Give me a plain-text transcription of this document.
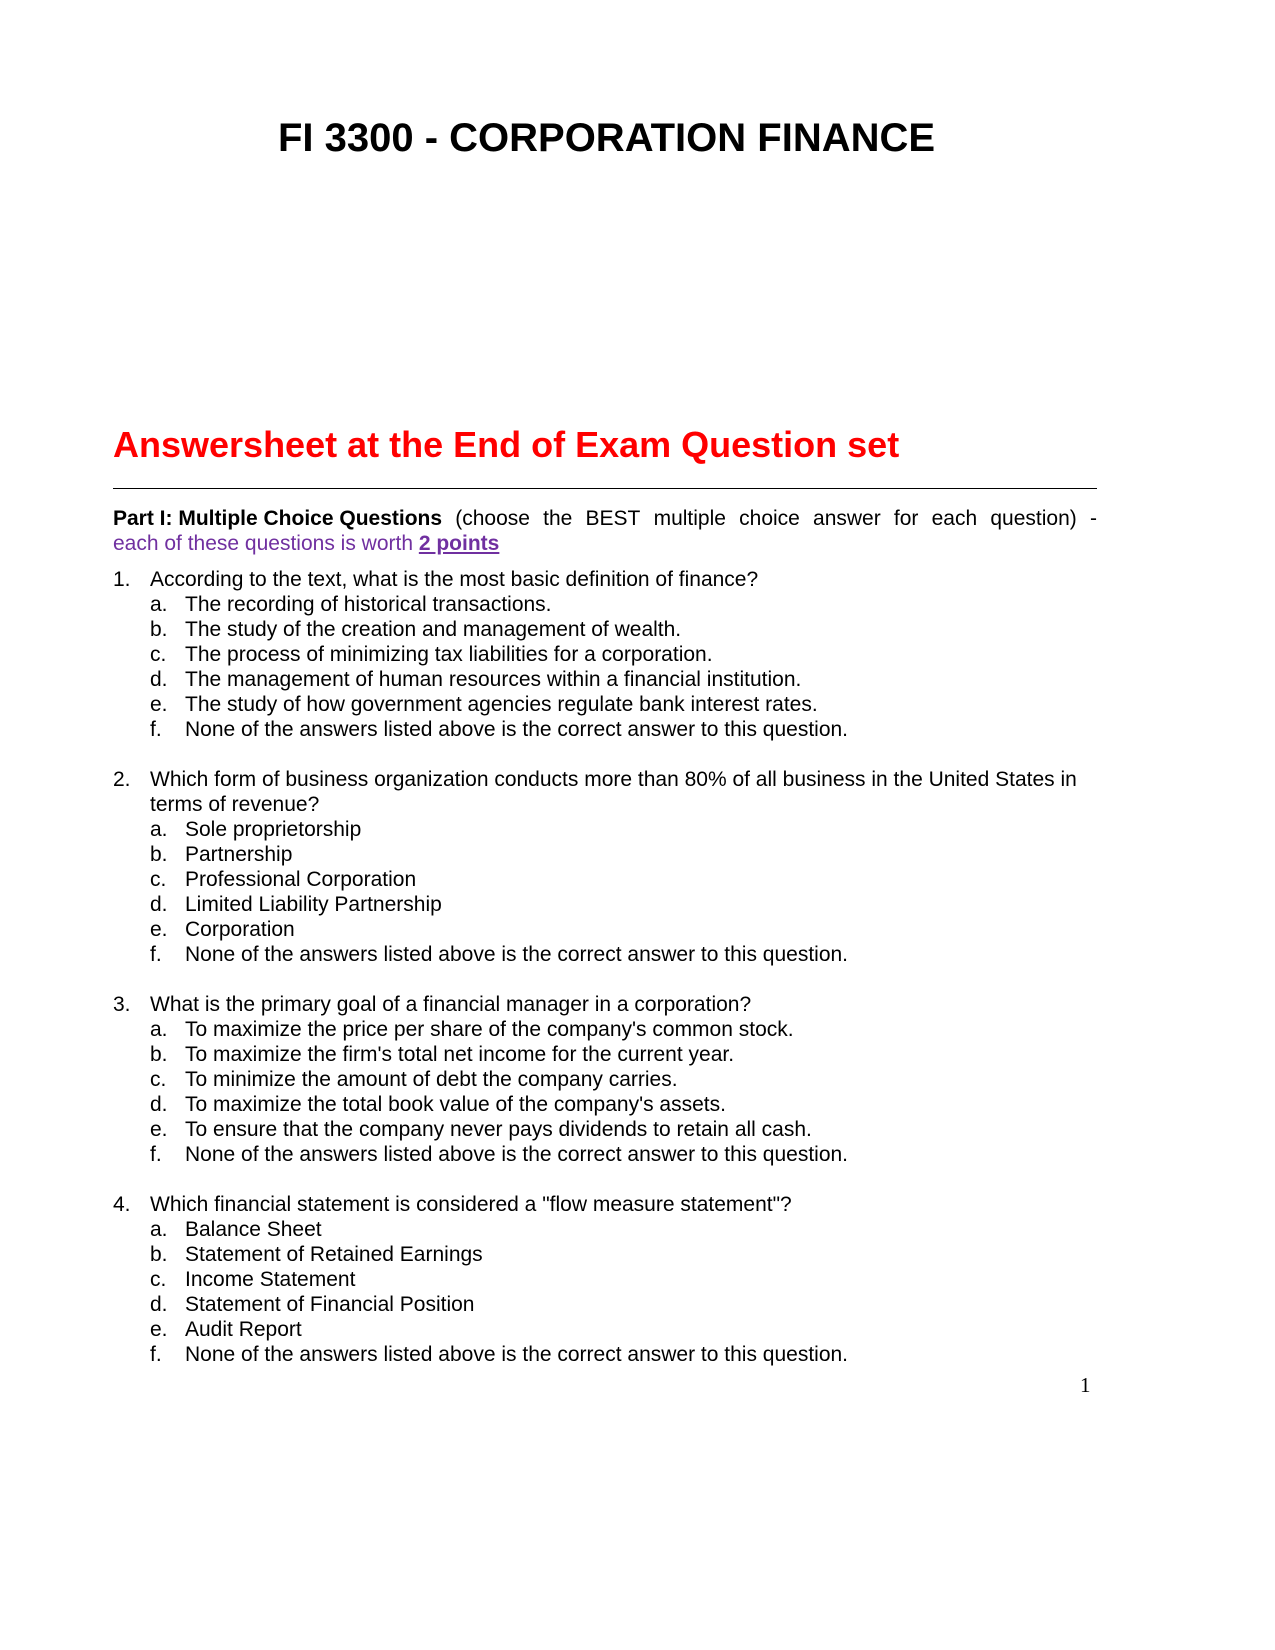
FI 3300 - CORPORATION FINANCE
Answersheet at the End of Exam Question set
Part I: Multiple Choice Questions (choose the BEST multiple choice answer for each question) -
each of these questions is worth 2 points
1. According to the text, what is the most basic definition of finance?
a. The recording of historical transactions.
b. The study of the creation and management of wealth.
c. The process of minimizing tax liabilities for a corporation.
d. The management of human resources within a financial institution.
e. The study of how government agencies regulate bank interest rates.
f. None of the answers listed above is the correct answer to this question.
2. Which form of business organization conducts more than 80% of all business in the United States in terms of revenue?
a. Sole proprietorship
b. Partnership
c. Professional Corporation
d. Limited Liability Partnership
e. Corporation
f. None of the answers listed above is the correct answer to this question.
3. What is the primary goal of a financial manager in a corporation?
a. To maximize the price per share of the company's common stock.
b. To maximize the firm's total net income for the current year.
c. To minimize the amount of debt the company carries.
d. To maximize the total book value of the company's assets.
e. To ensure that the company never pays dividends to retain all cash.
f. None of the answers listed above is the correct answer to this question.
4. Which financial statement is considered a "flow measure statement"?
a. Balance Sheet
b. Statement of Retained Earnings
c. Income Statement
d. Statement of Financial Position
e. Audit Report
f. None of the answers listed above is the correct answer to this question.
1
